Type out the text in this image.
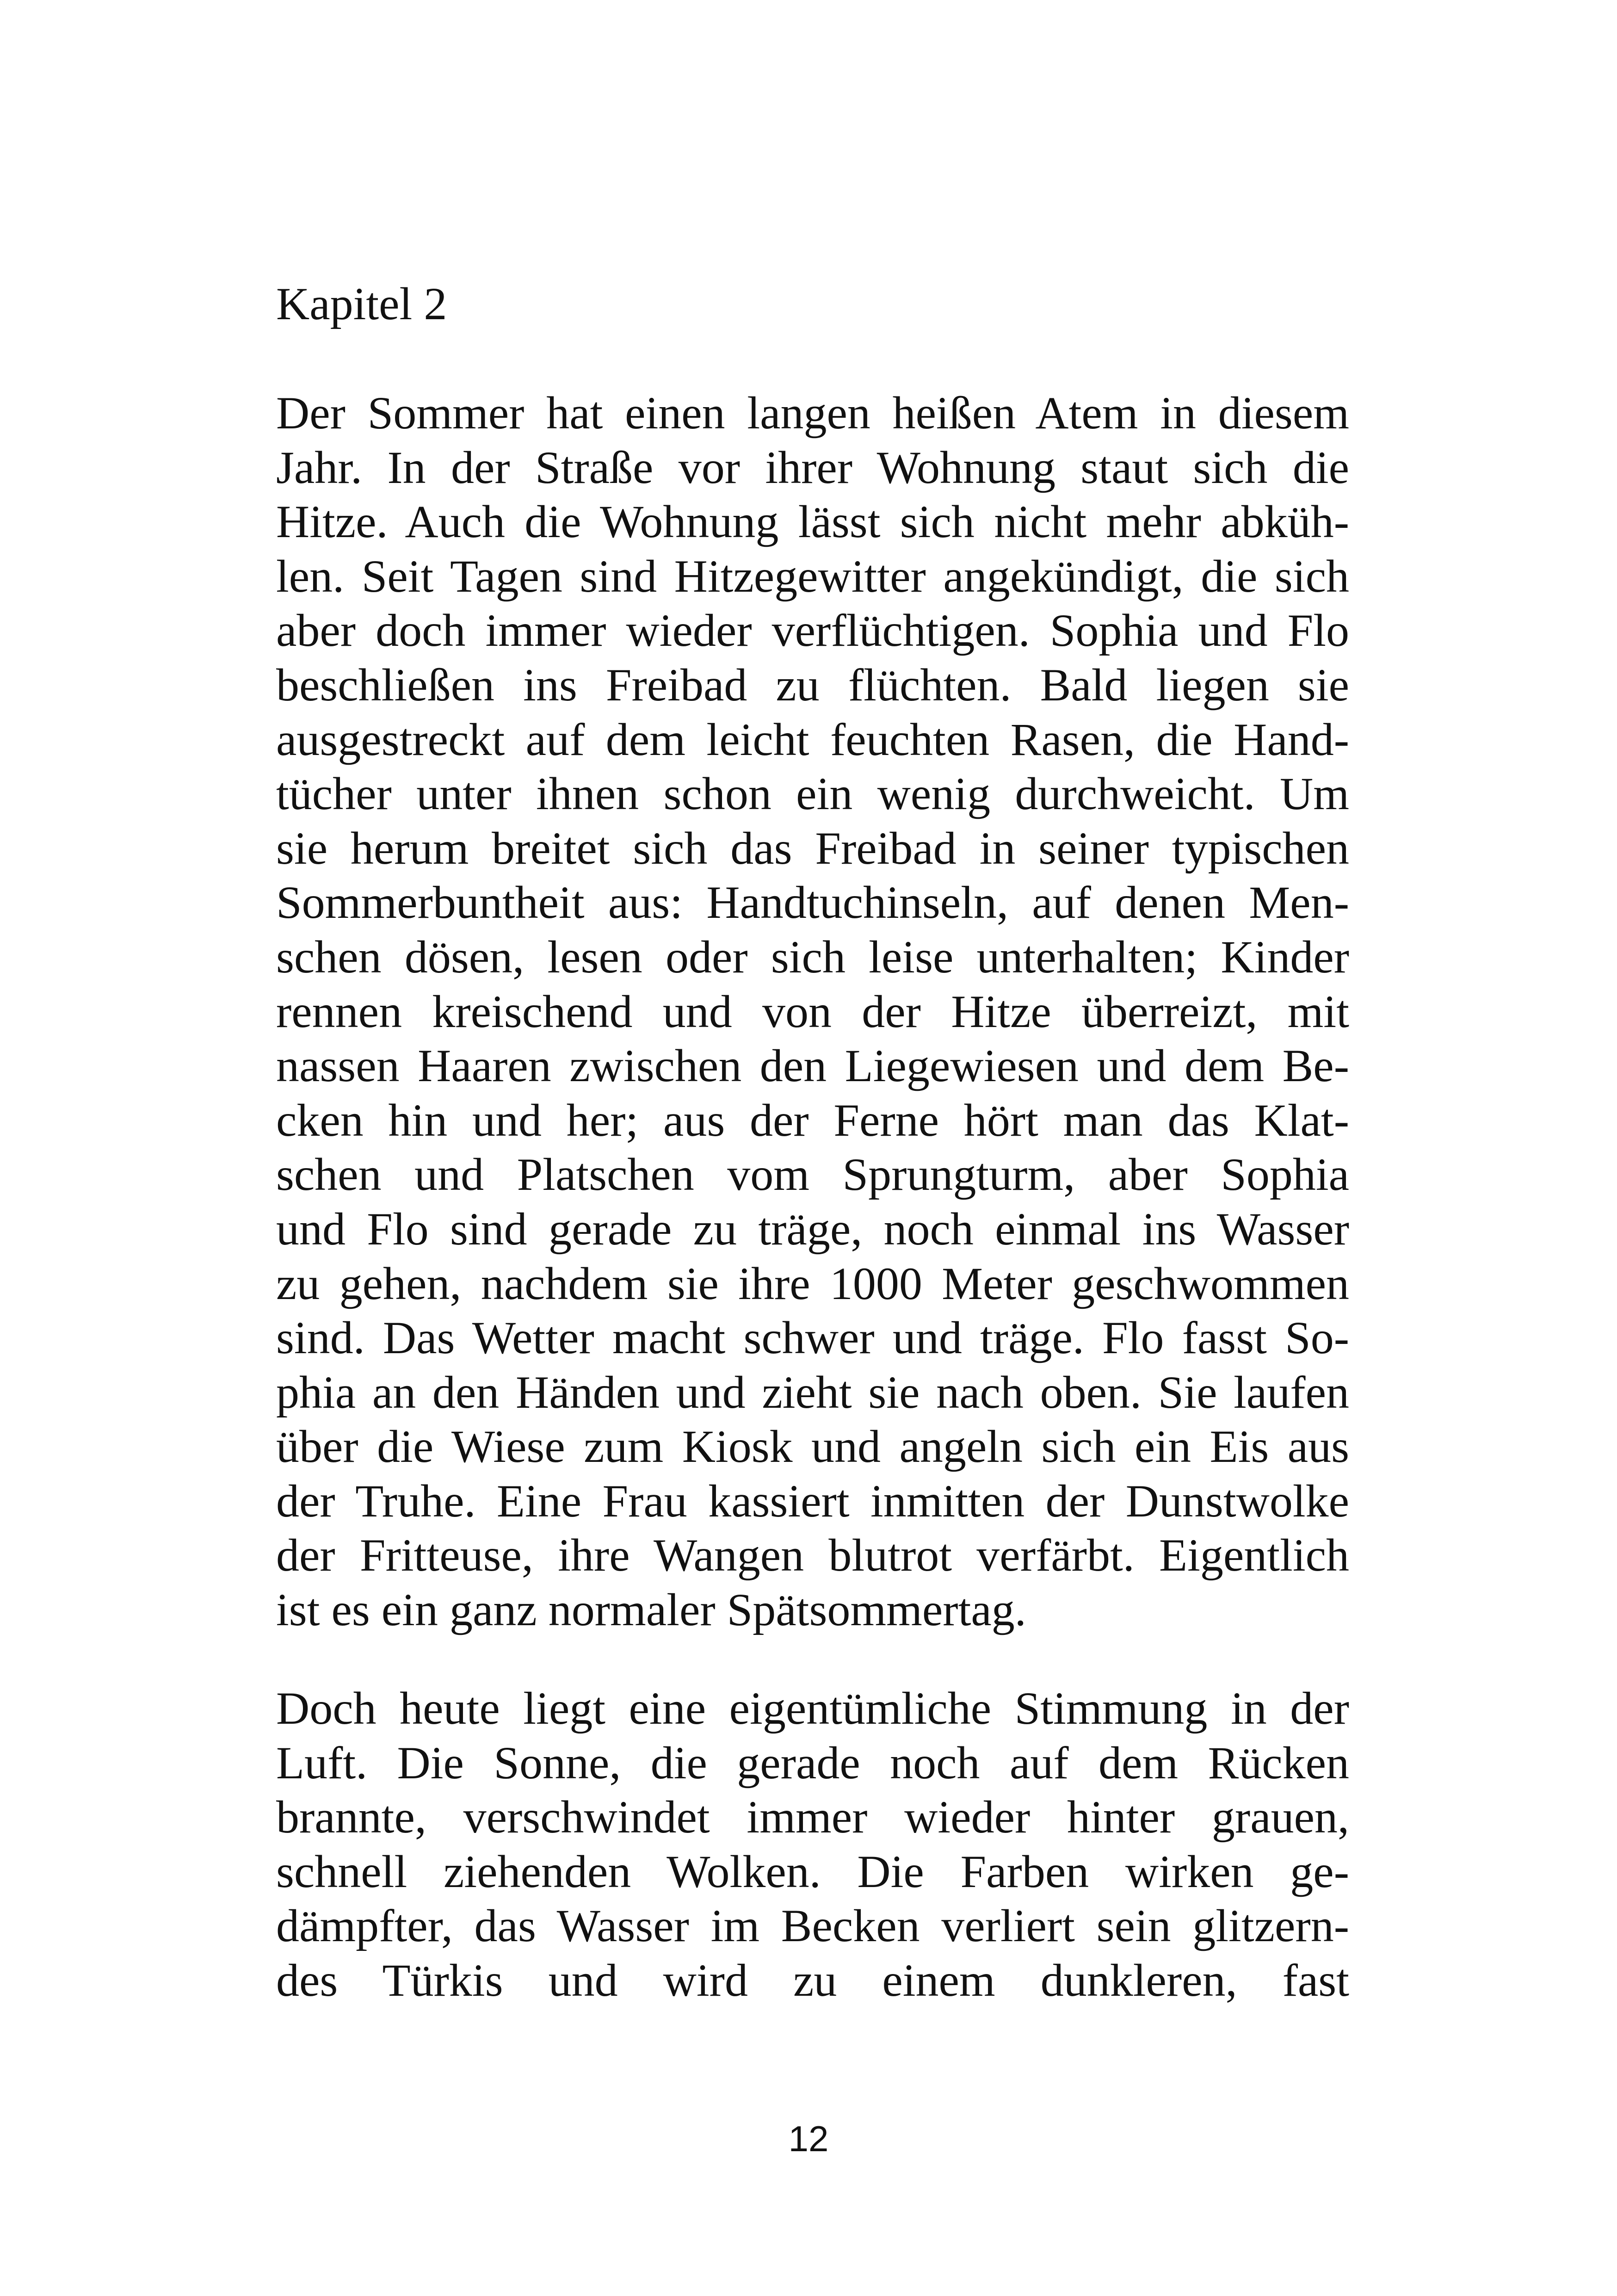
Kapitel 2
Der Sommer hat einen langen heißen Atem in diesem
Jahr. In der Straße vor ihrer Wohnung staut sich die
Hitze. Auch die Wohnung lässt sich nicht mehr abküh-
len. Seit Tagen sind Hitzegewitter angekündigt, die sich
aber doch immer wieder verflüchtigen. Sophia und Flo
beschließen ins Freibad zu flüchten. Bald liegen sie
ausgestreckt auf dem leicht feuchten Rasen, die Hand-
tücher unter ihnen schon ein wenig durchweicht. Um
sie herum breitet sich das Freibad in seiner typischen
Sommerbuntheit aus: Handtuchinseln, auf denen Men-
schen dösen, lesen oder sich leise unterhalten; Kinder
rennen kreischend und von der Hitze überreizt, mit
nassen Haaren zwischen den Liegewiesen und dem Be-
cken hin und her; aus der Ferne hört man das Klat-
schen und Platschen vom Sprungturm, aber Sophia
und Flo sind gerade zu träge, noch einmal ins Wasser
zu gehen, nachdem sie ihre 1000 Meter geschwommen
sind. Das Wetter macht schwer und träge. Flo fasst So-
phia an den Händen und zieht sie nach oben. Sie laufen
über die Wiese zum Kiosk und angeln sich ein Eis aus
der Truhe. Eine Frau kassiert inmitten der Dunstwolke
der Fritteuse, ihre Wangen blutrot verfärbt. Eigentlich
ist es ein ganz normaler Spätsommertag.
Doch heute liegt eine eigentümliche Stimmung in der
Luft. Die Sonne, die gerade noch auf dem Rücken
brannte, verschwindet immer wieder hinter grauen,
schnell ziehenden Wolken. Die Farben wirken ge-
dämpfter, das Wasser im Becken verliert sein glitzern-
des Türkis und wird zu einem dunkleren, fast

12
